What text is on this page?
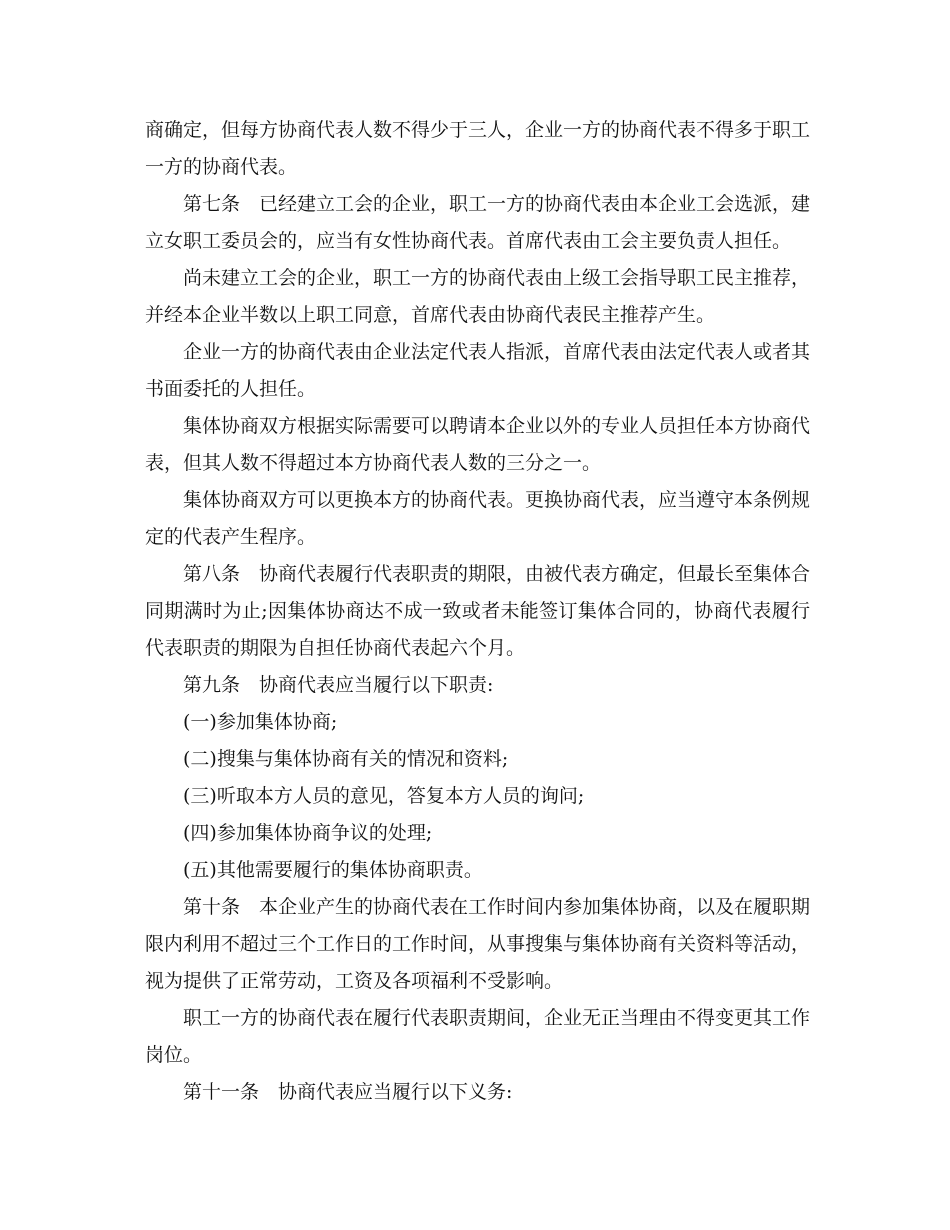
商确定，但每方协商代表人数不得少于三人，企业一方的协商代表不得多于职工一方的协商代表。

第七条　已经建立工会的企业，职工一方的协商代表由本企业工会选派，建立女职工委员会的，应当有女性协商代表。首席代表由工会主要负责人担任。

尚未建立工会的企业，职工一方的协商代表由上级工会指导职工民主推荐，并经本企业半数以上职工同意，首席代表由协商代表民主推荐产生。

企业一方的协商代表由企业法定代表人指派，首席代表由法定代表人或者其书面委托的人担任。

集体协商双方根据实际需要可以聘请本企业以外的专业人员担任本方协商代表，但其人数不得超过本方协商代表人数的三分之一。

集体协商双方可以更换本方的协商代表。更换协商代表，应当遵守本条例规定的代表产生程序。

第八条　协商代表履行代表职责的期限，由被代表方确定，但最长至集体合同期满时为止;因集体协商达不成一致或者未能签订集体合同的，协商代表履行代表职责的期限为自担任协商代表起六个月。

第九条　协商代表应当履行以下职责:

(一)参加集体协商;

(二)搜集与集体协商有关的情况和资料;

(三)听取本方人员的意见，答复本方人员的询问;

(四)参加集体协商争议的处理;

(五)其他需要履行的集体协商职责。

第十条　本企业产生的协商代表在工作时间内参加集体协商，以及在履职期限内利用不超过三个工作日的工作时间，从事搜集与集体协商有关资料等活动，视为提供了正常劳动，工资及各项福利不受影响。

职工一方的协商代表在履行代表职责期间，企业无正当理由不得变更其工作岗位。

第十一条　协商代表应当履行以下义务:
